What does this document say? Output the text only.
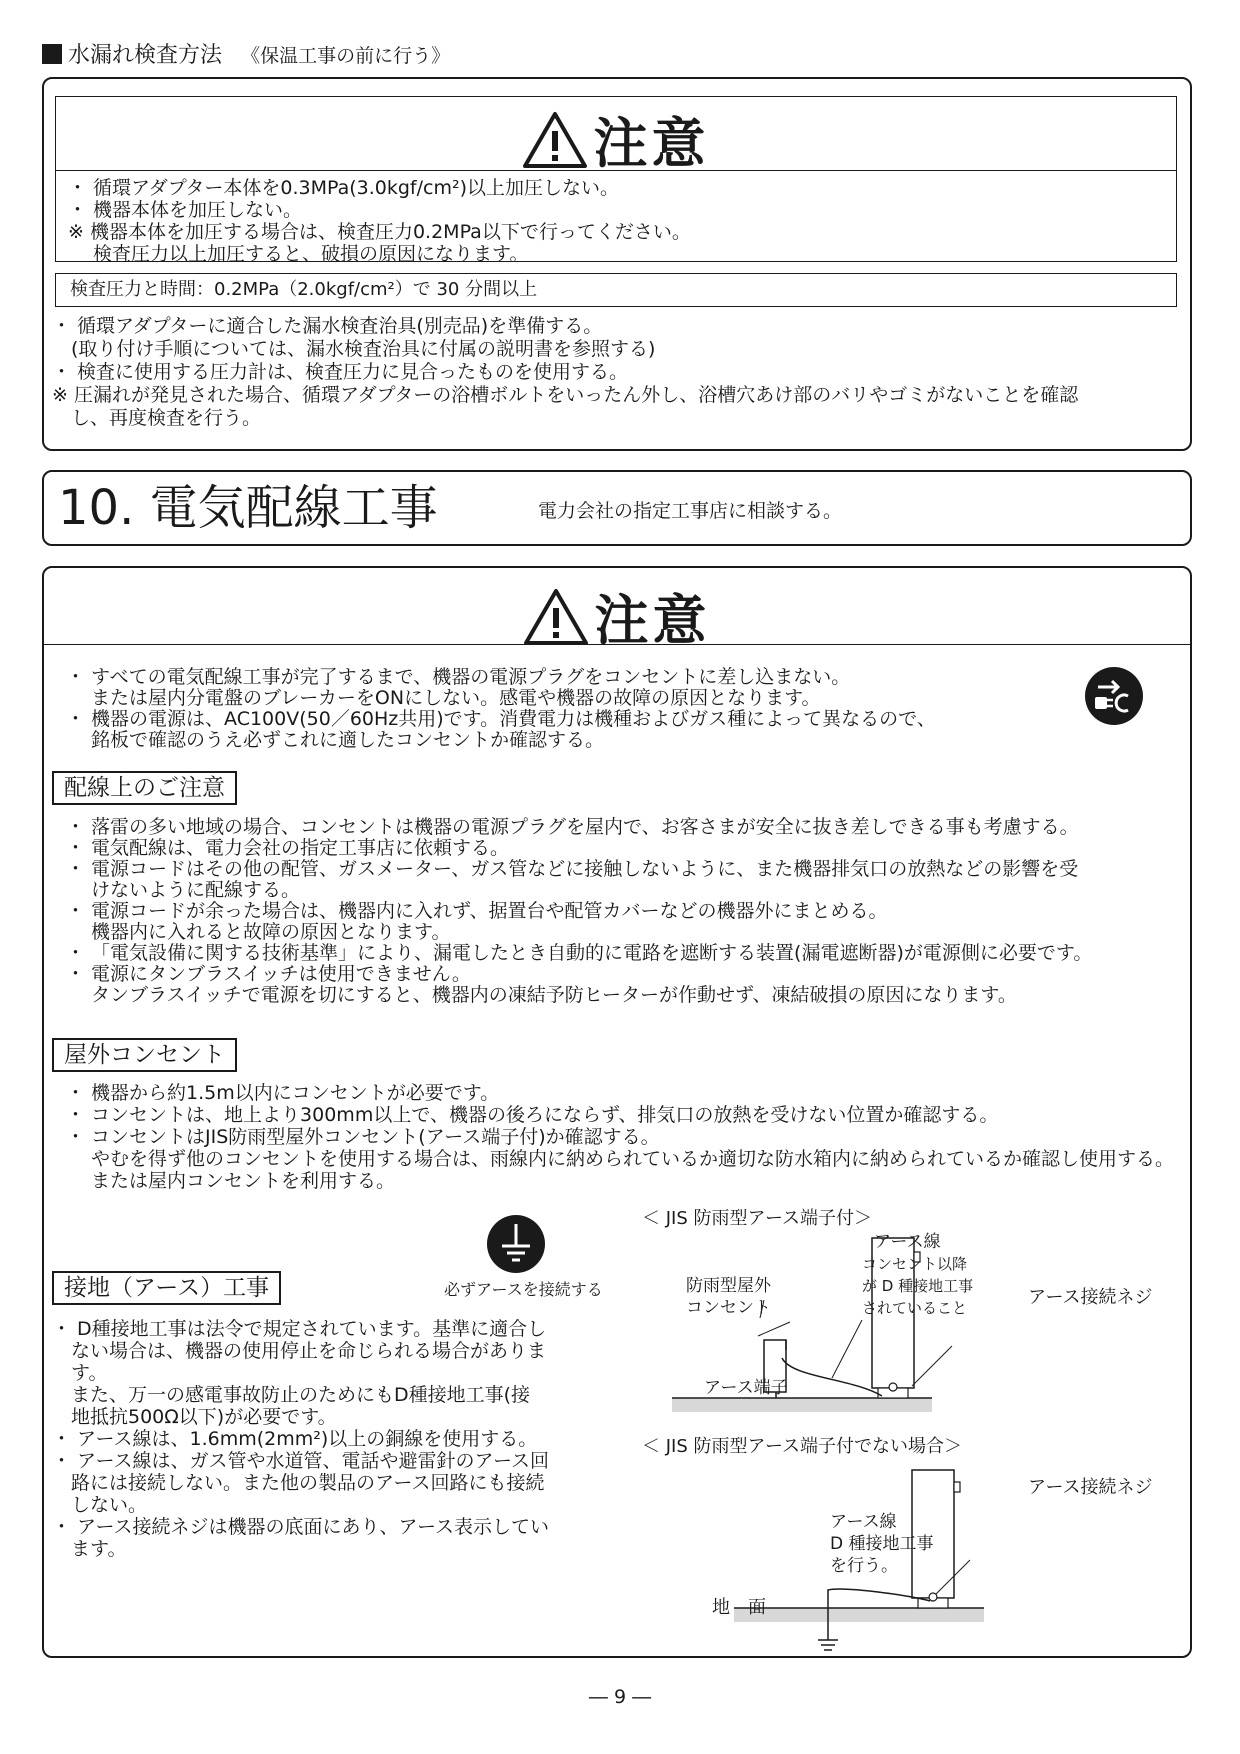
水漏れ検査方法 《保温工事の前に行う》
注意
・ 循環アダプター本体を0.3MPa(3.0kgf/cm²)以上加圧しない。
・ 機器本体を加圧しない。
※ 機器本体を加圧する場合は、検査圧力0.2MPa以下で行ってください。
　 検査圧力以上加圧すると、破損の原因になります。
検査圧力と時間：0.2MPa（2.0kgf/cm²）で 30 分間以上
・ 循環アダプターに適合した漏水検査治具(別売品)を準備する。
　(取り付け手順については、漏水検査治具に付属の説明書を参照する)
・ 検査に使用する圧力計は、検査圧力に見合ったものを使用する。
※ 圧漏れが発見された場合、循環アダプターの浴槽ボルトをいったん外し、浴槽穴あけ部のバリやゴミがないことを確認
　し、再度検査を行う。
10. 電気配線工事	電力会社の指定工事店に相談する。
注意
・ すべての電気配線工事が完了するまで、機器の電源プラグをコンセントに差し込まない。
　 または屋内分電盤のブレーカーをONにしない。感電や機器の故障の原因となります。
・ 機器の電源は、AC100V(50／60Hz共用)です。消費電力は機種およびガス種によって異なるので、
　 銘板で確認のうえ必ずこれに適したコンセントか確認する。
配線上のご注意
・ 落雷の多い地域の場合、コンセントは機器の電源プラグを屋内で、お客さまが安全に抜き差しできる事も考慮する。
・ 電気配線は、電力会社の指定工事店に依頼する。
・ 電源コードはその他の配管、ガスメーター、ガス管などに接触しないように、また機器排気口の放熱などの影響を受
　 けないように配線する。
・ 電源コードが余った場合は、機器内に入れず、据置台や配管カバーなどの機器外にまとめる。
　 機器内に入れると故障の原因となります。
・ 「電気設備に関する技術基準」により、漏電したとき自動的に電路を遮断する装置(漏電遮断器)が電源側に必要です。
・ 電源にタンブラスイッチは使用できません。
　 タンブラスイッチで電源を切にすると、機器内の凍結予防ヒーターが作動せず、凍結破損の原因になります。
屋外コンセント
・ 機器から約1.5m以内にコンセントが必要です。
・ コンセントは、地上より300mm以上で、機器の後ろにならず、排気口の放熱を受けない位置か確認する。
・ コンセントはJIS防雨型屋外コンセント(アース端子付)か確認する。
　 やむを得ず他のコンセントを使用する場合は、雨線内に納められているか適切な防水箱内に納められているか確認し使用する。
　 または屋内コンセントを利用する。
必ずアースを接続する
接地（アース）工事
・ D種接地工事は法令で規定されています。基準に適合し
　ない場合は、機器の使用停止を命じられる場合がありま
　す。
　また、万一の感電事故防止のためにもD種接地工事(接
　地抵抗500Ω以下)が必要です。
・ アース線は、1.6mm(2mm²)以上の銅線を使用する。
・ アース線は、ガス管や水道管、電話や避雷針のアース回
　路には接続しない。また他の製品のアース回路にも接続
　しない。
・ アース接続ネジは機器の底面にあり、アース表示してい
　ます。
＜ JIS 防雨型アース端子付＞
アース線
コンセント以降
が D 種接地工事
されていること
防雨型屋外
コンセント	アース接続ネジ
アース端子
＜ JIS 防雨型アース端子付でない場合＞
アース接続ネジ
アース線
D 種接地工事
を行う。
地　面
― 9 ―
